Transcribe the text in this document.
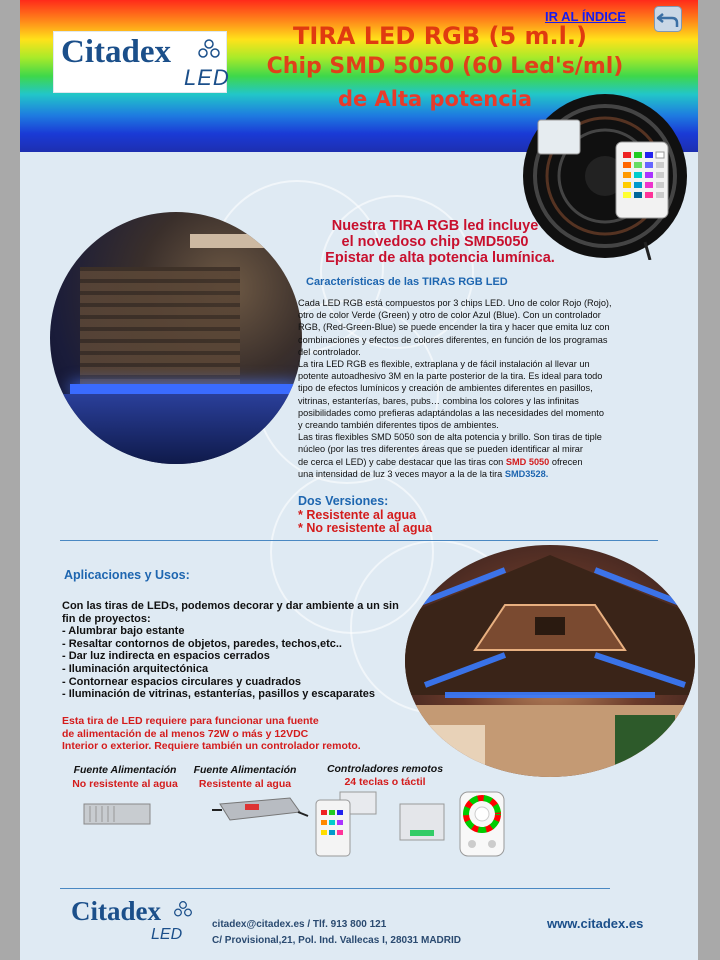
Citadex
LED
TIRA LED RGB (5 m.l.)
Chip SMD 5050 (60 Led's/ml)
de Alta potencia
IR AL ÍNDICE
Nuestra TIRA RGB led incluye
el novedoso chip SMD5050
Epistar de alta potencia lumínica.
Características de las TIRAS RGB LED

Cada LED RGB está compuestos por 3 chips LED. Uno de color Rojo (Rojo),

otro de color Verde (Green) y otro de color Azul (Blue). Con un controlador

RGB, (Red-Green-Blue) se puede encender la tira y hacer que emita luz con

combinaciones y efectos de colores diferentes, en función de los programas

del controlador.

La tira LED RGB es flexible, extraplana y de fácil instalación al llevar un

potente autoadhesivo 3M en la parte posterior de la tira. Es ideal para todo

tipo de efectos lumínicos y creación de ambientes diferentes en pasillos,

vitrinas, estanterías, bares, pubs… combina los colores y las infinitas

posibilidades como prefieras adaptándolas a las necesidades del momento

y creando también diferentes tipos de ambientes.

Las tiras flexibles SMD 5050 son de alta potencia y brillo. Son tiras de tiple

núcleo (por las tres diferentes áreas que se pueden identificar al mirar

de cerca el LED) y cabe destacar que las tiras con SMD 5050 ofrecen

una intensidad de luz 3 veces mayor a la de la tira SMD3528.

Dos Versiones:
* Resistente al agua
* No resistente al agua
Aplicaciones y Usos:
Con las tiras de LEDs, podemos decorar y dar ambiente a un sin
fin de proyectos:
- Alumbrar bajo estante
- Resaltar contornos de objetos, paredes, techos,etc..
- Dar luz indirecta en espacios cerrados
- Iluminación arquitectónica
- Contornear espacios circulares y cuadrados
- Iluminación de vitrinas, estanterías, pasillos y escaparates
Esta tira de LED requiere para funcionar una fuente
de alimentación de al menos 72W o más y 12VDC
Interior o exterior. Requiere también un controlador remoto.
Fuente Alimentación
No resistente al agua
Fuente Alimentación
Resistente al agua
Controladores remotos
24 teclas o táctil
Citadex
LED
citadex@citadex.es / Tlf. 913 800 121
C/ Provisional,21, Pol. Ind. Vallecas I, 28031 MADRID
www.citadex.es
